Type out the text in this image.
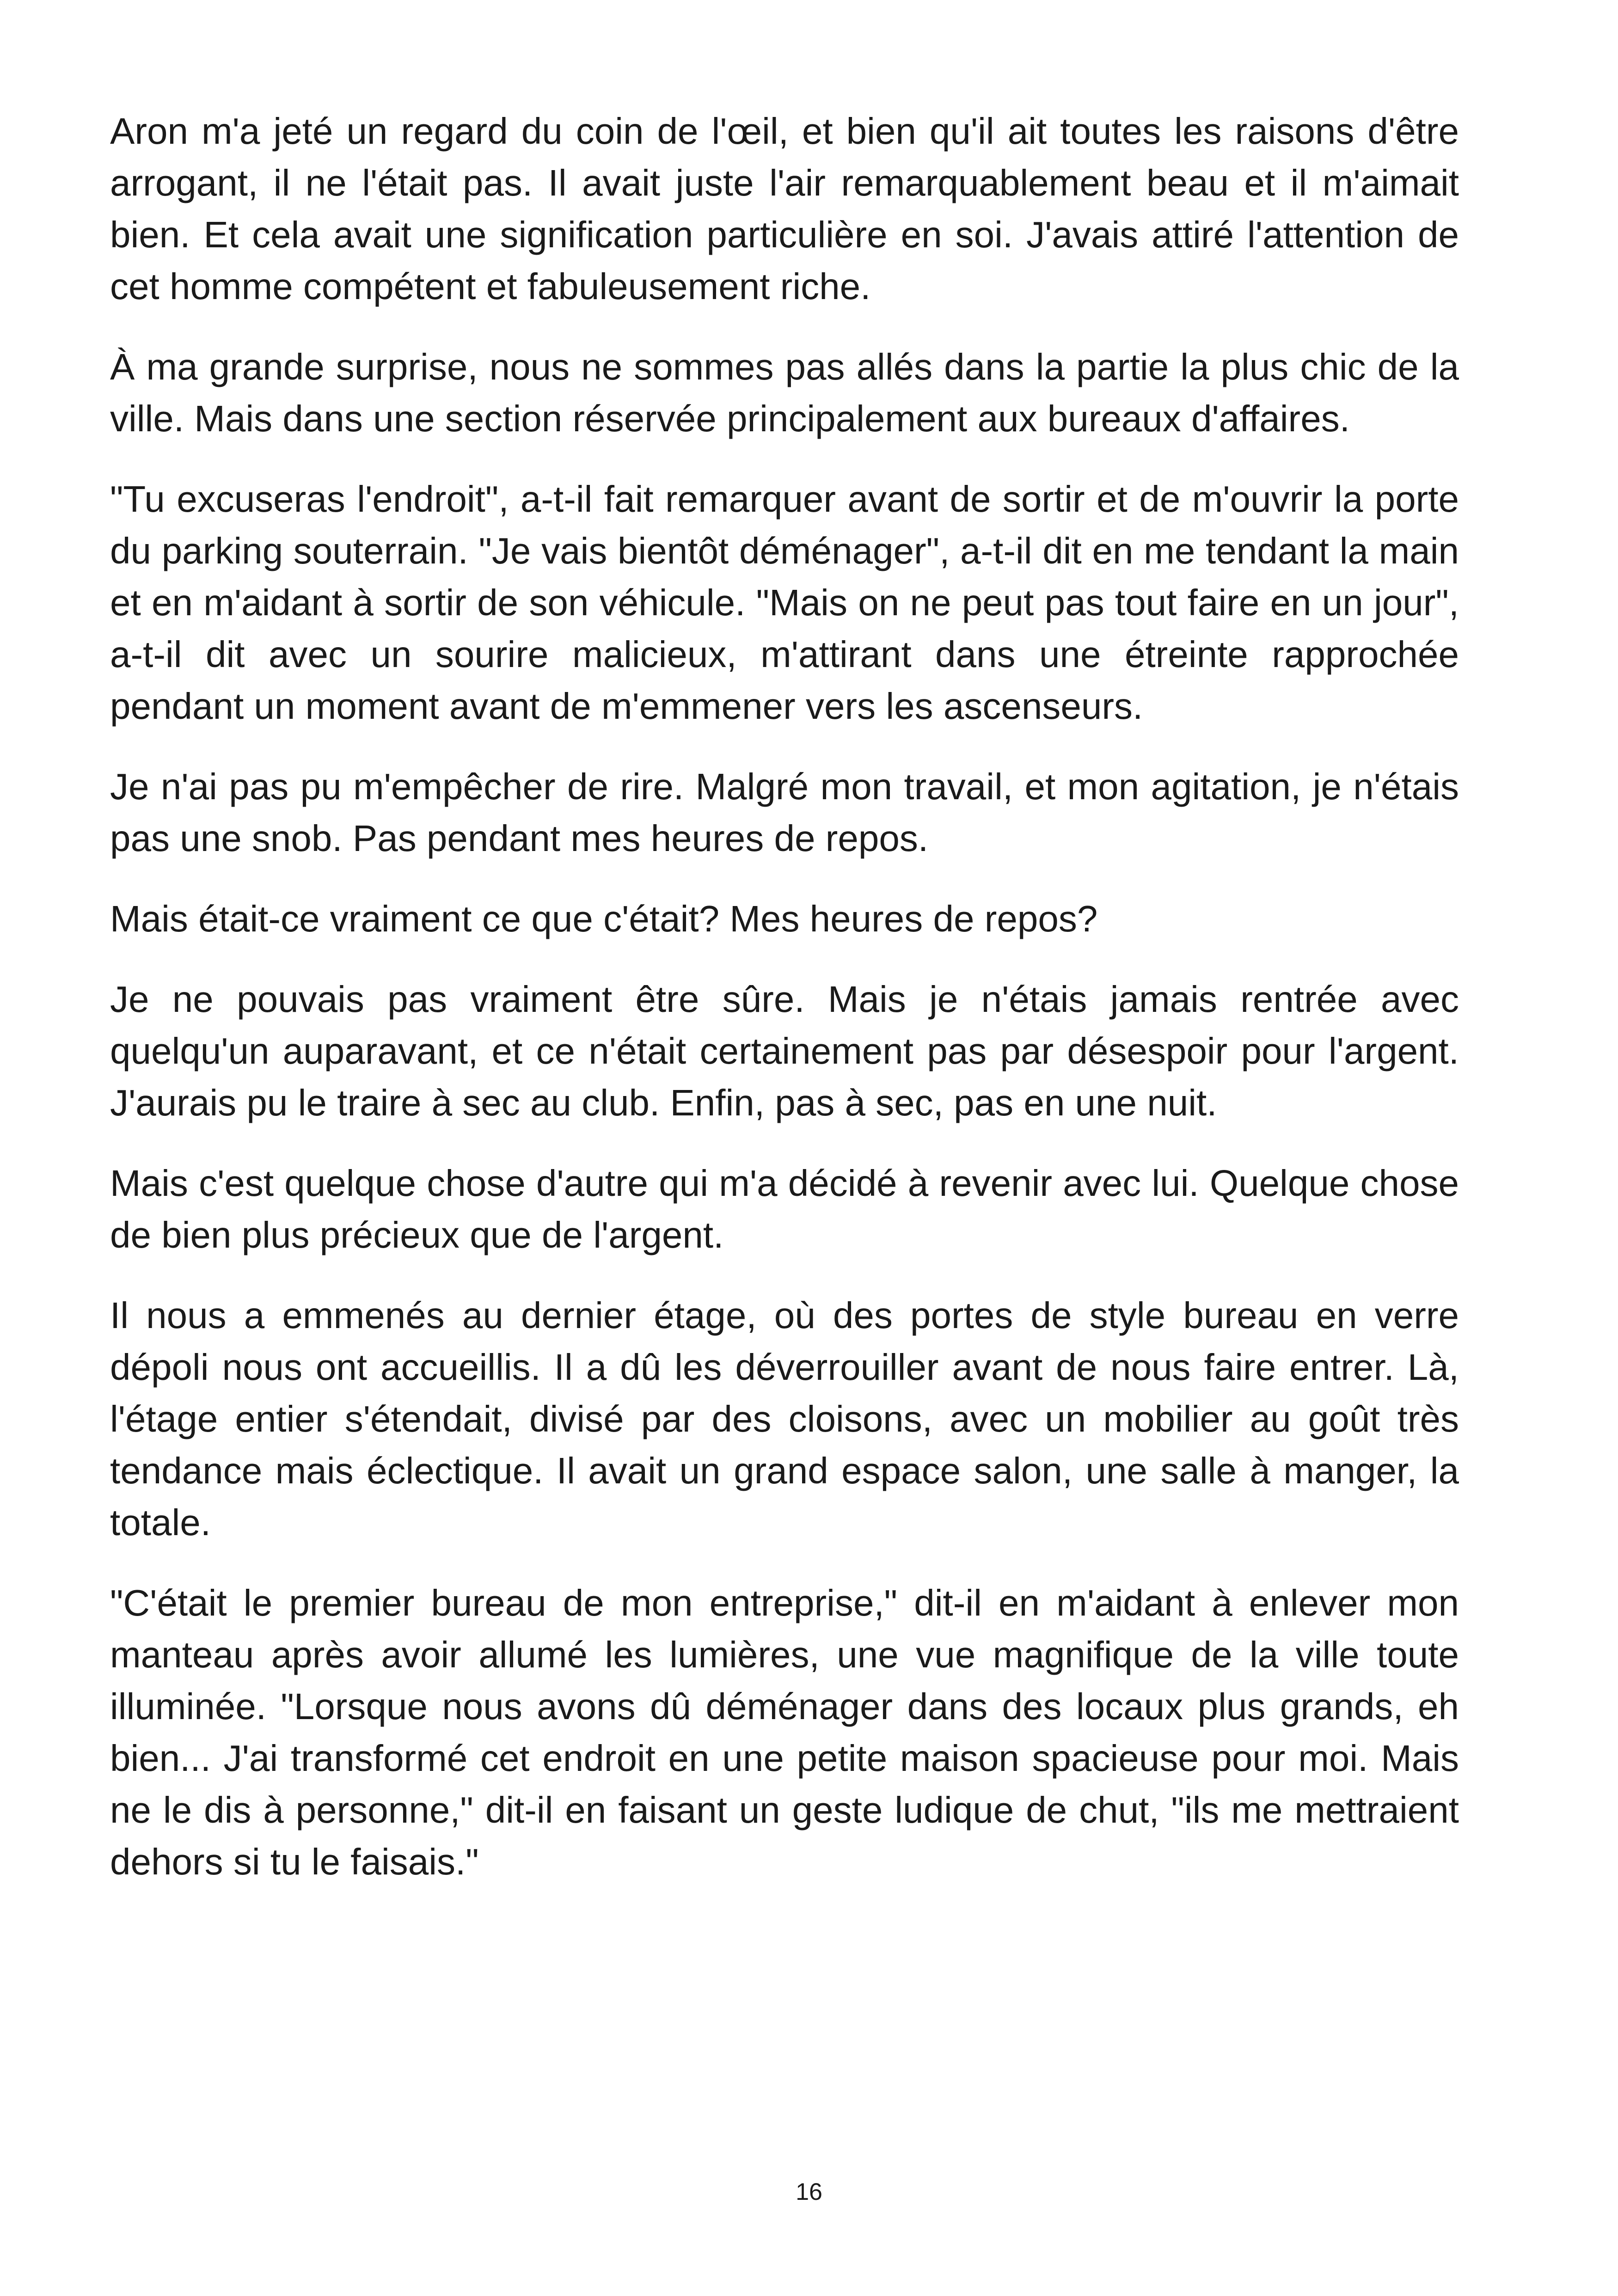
Aron m'a jeté un regard du coin de l'œil, et bien qu'il ait toutes les raisons d'être arrogant, il ne l'était pas. Il avait juste l'air remarquablement beau et il m'aimait bien. Et cela avait une signification particulière en soi. J'avais attiré l'attention de cet homme compétent et fabuleusement riche.

À ma grande surprise, nous ne sommes pas allés dans la partie la plus chic de la ville. Mais dans une section réservée principalement aux bureaux d'affaires.

"Tu excuseras l'endroit", a-t-il fait remarquer avant de sortir et de m'ouvrir la porte du parking souterrain. "Je vais bientôt déménager", a-t-il dit en me tendant la main et en m'aidant à sortir de son véhicule. "Mais on ne peut pas tout faire en un jour", a-t-il dit avec un sourire malicieux, m'attirant dans une étreinte rapprochée pendant un moment avant de m'emmener vers les ascenseurs.

Je n'ai pas pu m'empêcher de rire. Malgré mon travail, et mon agitation, je n'étais pas une snob. Pas pendant mes heures de repos.

Mais était-ce vraiment ce que c'était? Mes heures de repos?

Je ne pouvais pas vraiment être sûre. Mais je n'étais jamais rentrée avec quelqu'un auparavant, et ce n'était certainement pas par désespoir pour l'argent. J'aurais pu le traire à sec au club. Enfin, pas à sec, pas en une nuit.

Mais c'est quelque chose d'autre qui m'a décidé à revenir avec lui. Quelque chose de bien plus précieux que de l'argent.

Il nous a emmenés au dernier étage, où des portes de style bureau en verre dépoli nous ont accueillis. Il a dû les déverrouiller avant de nous faire entrer. Là, l'étage entier s'étendait, divisé par des cloisons, avec un mobilier au goût très tendance mais éclectique. Il avait un grand espace salon, une salle à manger, la totale.

"C'était le premier bureau de mon entreprise," dit-il en m'aidant à enlever mon manteau après avoir allumé les lumières, une vue magnifique de la ville toute illuminée. "Lorsque nous avons dû déménager dans des locaux plus grands, eh bien... J'ai transformé cet endroit en une petite maison spacieuse pour moi. Mais ne le dis à personne," dit-il en faisant un geste ludique de chut, "ils me mettraient dehors si tu le faisais."

16
